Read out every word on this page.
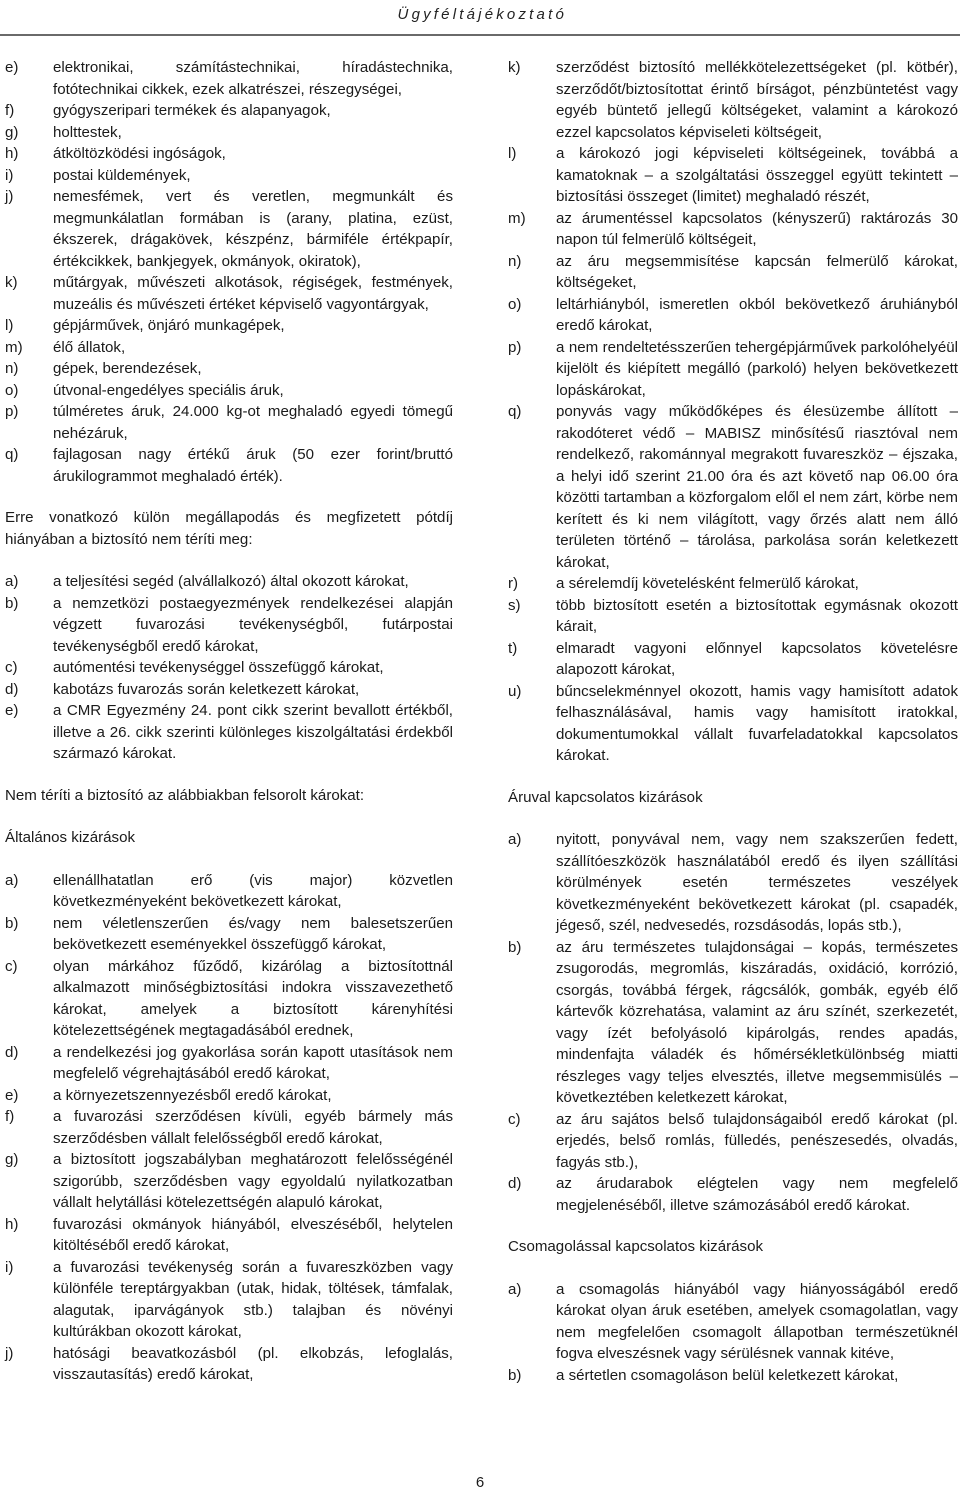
Ügyféltájékoztató
e) elektronikai, számítástechnikai, híradástechnika, fotótechnikai cikkek, ezek alkatrészei, részegységei,
f)	gyógyszeripari termékek és alapanyagok,
g) holttestek,
h) átköltözködési ingóságok,
i)	postai küldemények,
j)	nemesfémek, vert és veretlen, megmunkált és megmunkálatlan formában is (arany, platina, ezüst, ékszerek, drágakövek, készpénz, bármiféle értékpapír, értékcikkek, bankjegyek, okmányok, okiratok),
k) műtárgyak, művészeti alkotások, régiségek, festmények, muzeális és művészeti értéket képviselő vagyontárgyak,
l)	gépjárművek, önjáró munkagépek,
m) élő állatok,
n) gépek, berendezések,
o) útvonal-engedélyes speciális áruk,
p) túlméretes áruk, 24.000 kg-ot meghaladó egyedi tömegű nehézáruk,
q) fajlagosan nagy értékű áruk (50 ezer forint/bruttó árukilogrammot meghaladó érték).
Erre vonatkozó külön megállapodás és megfizetett pótdíj hiányában a biztosító nem téríti meg:
a) a teljesítési segéd (alvállalkozó) által okozott károkat,
b) a nemzetközi postaegyezmények rendelkezései alapján végzett fuvarozási tevékenységből, futárpostai tevékenységből eredő károkat,
c) autómentési tevékenységgel összefüggő károkat,
d) kabotázs fuvarozás során keletkezett károkat,
e) a CMR Egyezmény 24. pont cikk szerint bevallott értékből, illetve a 26. cikk szerinti különleges kiszolgáltatási érdekből származó károkat.
Nem téríti a biztosító az alábbiakban felsorolt károkat:
Általános kizárások
a) ellenállhatatlan erő (vis major) közvetlen következményeként bekövetkezett károkat,
b) nem véletlenszerűen és/vagy nem balesetszerűen bekövetkezett eseményekkel összefüggő károkat,
c) olyan márkához fűződő, kizárólag a biztosítottnál alkalmazott minőségbiztosítási indokra visszavezethető károkat, amelyek a biztosított kárenyhítési kötelezettségének megtagadásából erednek,
d) a rendelkezési jog gyakorlása során kapott utasítások nem megfelelő végrehajtásából eredő károkat,
e) a környezetszennyezésből eredő károkat,
f)	a fuvarozási szerződésen kívüli, egyéb bármely más szerződésben vállalt felelősségből eredő károkat,
g) a biztosított jogszabályban meghatározott felelősségénél szigorúbb, szerződésben vagy egyoldalú nyilatkozatban vállalt helytállási kötelezettségén alapuló károkat,
h) fuvarozási okmányok hiányából, elveszéséből, helytelen kitöltéséből eredő károkat,
i)	a fuvarozási tevékenység során a fuvareszközben vagy különféle tereptárgyakban (utak, hidak, töltések, támfalak, alagutak, iparvágányok stb.) talajban és növényi kultúrákban okozott károkat,
j)	hatósági beavatkozásból (pl. elkobzás, lefoglalás, visszautasítás) eredő károkat,
k) szerződést biztosító mellékkötelezettségeket (pl. kötbér), szerződőt/biztosítottat érintő bírságot, pénzbüntetést vagy egyéb büntető jellegű költségeket, valamint a károkozó ezzel kapcsolatos képviseleti költségeit,
l)	a károkozó jogi képviseleti költségeinek, továbbá a kamatoknak – a szolgáltatási összeggel együtt tekintett – biztosítási összeget (limitet) meghaladó részét,
m) az árumentéssel kapcsolatos (kényszerű) raktározás 30 napon túl felmerülő költségeit,
n) az áru megsemmisítése kapcsán felmerülő károkat, költségeket,
o) leltárhiányból, ismeretlen okból bekövetkező áruhiányból eredő károkat,
p) a nem rendeltetésszerűen tehergépjárművek parkolóhelyéül kijelölt és kiépített megálló (parkoló) helyen bekövetkezett lopáskárokat,
q) ponyvás vagy működőképes és élesüzembe állított – rakodóteret védő – MABISZ minősítésű riasztóval nem rendelkező, rakománnyal megrakott fuvareszköz – éjszaka, a helyi idő szerint 21.00 óra és azt követő nap 06.00 óra közötti tartamban a közforgalom elől el nem zárt, körbe nem kerített és ki nem világított, vagy őrzés alatt nem álló területen történő – tárolása, parkolása során keletkezett károkat,
r)	a sérelemdíj követelésként felmerülő károkat,
s) több biztosított esetén a biztosítottak egymásnak okozott kárait,
t)	elmaradt vagyoni előnnyel kapcsolatos követelésre alapozott károkat,
u) bűncselekménnyel okozott, hamis vagy hamisított adatok felhasználásával, hamis vagy hamisított iratokkal, dokumentumokkal vállalt fuvarfeladatokkal kapcsolatos károkat.
Áruval kapcsolatos kizárások
a) nyitott, ponyvával nem, vagy nem szakszerűen fedett, szállítóeszközök használatából eredő és ilyen szállítási körülmények esetén természetes veszélyek következményeként bekövetkezett károkat (pl. csapadék, jégeső, szél, nedvesedés, rozsdásodás, lopás stb.),
b) az áru természetes tulajdonságai – kopás, természetes zsugorodás, megromlás, kiszáradás, oxidáció, korrózió, csorgás, továbbá férgek, rágcsálók, gombák, egyéb élő kártevők közrehatása, valamint az áru színét, szerkezetét, vagy ízét befolyásoló kipárolgás, rendes apadás, mindenfajta váladék és hőmérsékletkülönbség miatti részleges vagy teljes elvesztés, illetve megsemmisülés – következtében keletkezett károkat,
c) az áru sajátos belső tulajdonságaiból eredő károkat (pl. erjedés, belső romlás, fülledés, penészesedés, olvadás, fagyás stb.),
d) az árudarabok elégtelen vagy nem megfelelő megjelenéséből, illetve számozásából eredő károkat.
Csomagolással kapcsolatos kizárások
a) a csomagolás hiányából vagy hiányosságából eredő károkat olyan áruk esetében, amelyek csomagolatlan, vagy nem megfelelően csomagolt állapotban természetüknél fogva elveszésnek vagy sérülésnek vannak kitéve,
b) a sértetlen csomagoláson belül keletkezett károkat,
6
